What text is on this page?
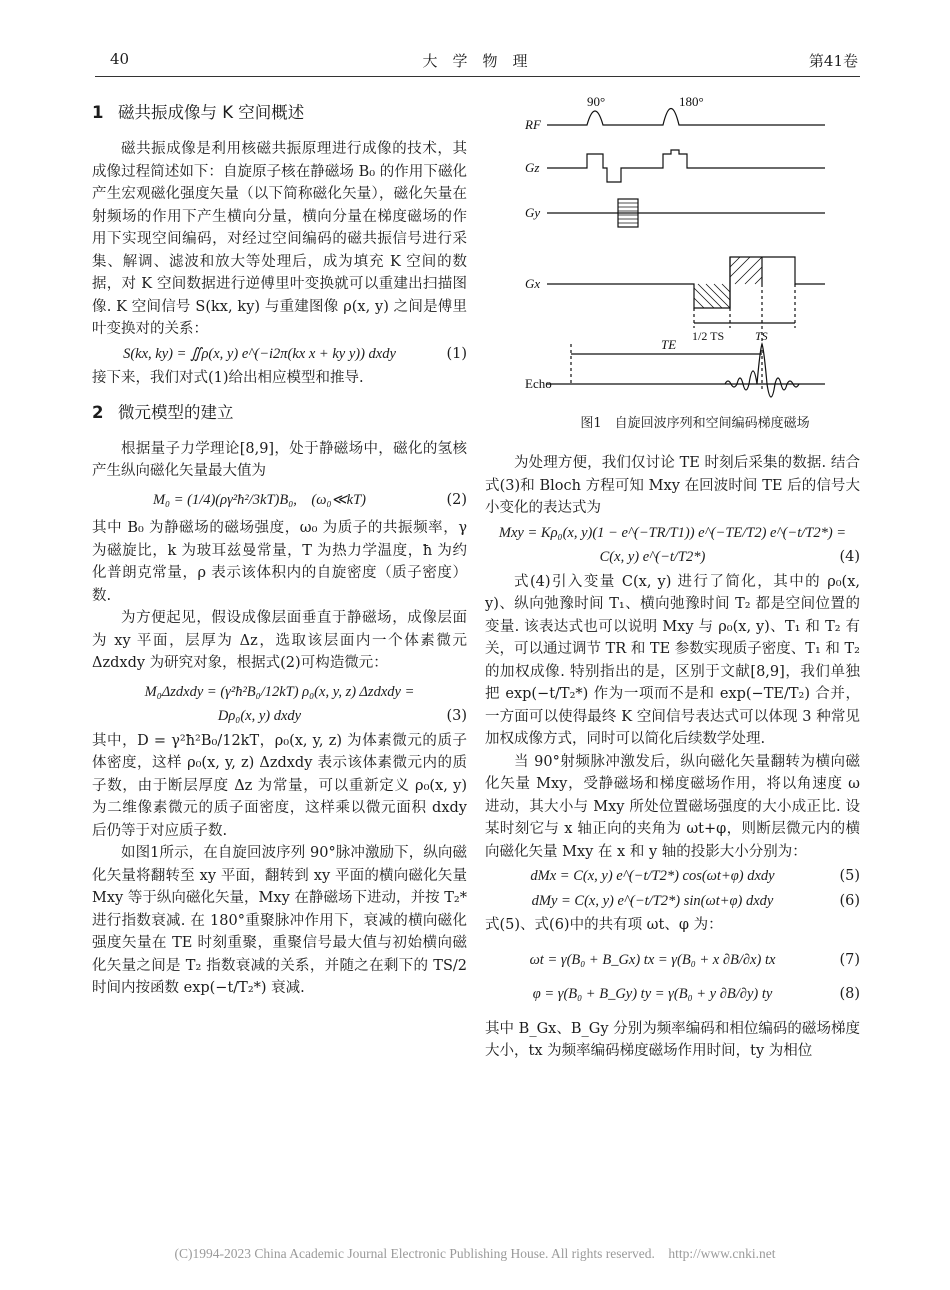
40	大　学　物　理	第41卷
1 磁共振成像与 K 空间概述

磁共振成像是利用核磁共振原理进行成像的技术，其成像过程简述如下：自旋原子核在静磁场 B₀ 的作用下磁化产生宏观磁化强度矢量（以下简称磁化矢量），磁化矢量在射频场的作用下产生横向分量，横向分量在梯度磁场的作用下实现空间编码，对经过空间编码的磁共振信号进行采集、解调、滤波和放大等处理后，成为填充 K 空间的数据，对 K 空间数据进行逆傅里叶变换就可以重建出扫描图像. K 空间信号 S(kx, ky) 与重建图像 ρ(x, y) 之间是傅里叶变换对的关系：

S(kx, ky) = ∬ρ(x, y) e^(−i2π(kx x + ky y)) dxdy	(1)

接下来，我们对式(1)给出相应模型和推导.

2 微元模型的建立

根据量子力学理论[8,9]，处于静磁场中，磁化的氢核产生纵向磁化矢量最大值为

M₀ = (1/4)(ργ²ħ²/3kT)B₀,　(ω₀≪kT)	(2)

其中 B₀ 为静磁场的磁场强度，ω₀ 为质子的共振频率，γ 为磁旋比，k 为玻耳兹曼常量，T 为热力学温度，ħ 为约化普朗克常量，ρ 表示该体积内的自旋密度（质子密度）数.

为方便起见，假设成像层面垂直于静磁场，成像层面为 xy 平面，层厚为 Δz，选取该层面内一个体素微元 Δzdxdy 为研究对象，根据式(2)可构造微元：

M₀Δzdxdy = (γ²ħ²B₀/12kT) ρ₀(x, y, z) Δzdxdy =
Dρ₀(x, y) dxdy	(3)

其中，D = γ²ħ²B₀/12kT，ρ₀(x, y, z) 为体素微元的质子体密度，这样 ρ₀(x, y, z) Δzdxdy 表示该体素微元内的质子数，由于断层厚度 Δz 为常量，可以重新定义 ρ₀(x, y) 为二维像素微元的质子面密度，这样乘以微元面积 dxdy 后仍等于对应质子数.

如图1所示，在自旋回波序列 90°脉冲激励下，纵向磁化矢量将翻转至 xy 平面，翻转到 xy 平面的横向磁化矢量 Mxy 等于纵向磁化矢量，Mxy 在静磁场下进动，并按 T₂* 进行指数衰减. 在 180°重聚脉冲作用下，衰减的横向磁化强度矢量在 TE 时刻重聚，重聚信号最大值与初始横向磁化矢量之间是 T₂ 指数衰减的关系，并随之在剩下的 TS/2 时间内按函数 exp(−t/T₂*) 衰减.

90°	180°
RF
Gz
Gy
Gx
Echo
1/2 TS	TS
TE
图1　自旋回波序列和空间编码梯度磁场

为处理方便，我们仅讨论 TE 时刻后采集的数据. 结合式(3)和 Bloch 方程可知 Mxy 在回波时间 TE 后的信号大小变化的表达式为

Mxy = Kρ₀(x, y)(1 − e^(−TR/T1)) e^(−TE/T2) e^(−t/T2*) =
C(x, y) e^(−t/T2*)	(4)

式(4)引入变量 C(x, y) 进行了简化，其中的 ρ₀(x, y)、纵向弛豫时间 T₁、横向弛豫时间 T₂ 都是空间位置的变量. 该表达式也可以说明 Mxy 与 ρ₀(x, y)、T₁ 和 T₂ 有关，可以通过调节 TR 和 TE 参数实现质子密度、T₁ 和 T₂ 的加权成像. 特别指出的是，区别于文献[8,9]，我们单独把 exp(−t/T₂*) 作为一项而不是和 exp(−TE/T₂) 合并，一方面可以使得最终 K 空间信号表达式可以体现 3 种常见加权成像方式，同时可以简化后续数学处理.

当 90°射频脉冲激发后，纵向磁化矢量翻转为横向磁化矢量 Mxy，受静磁场和梯度磁场作用，将以角速度 ω 进动，其大小与 Mxy 所处位置磁场强度的大小成正比. 设某时刻它与 x 轴正向的夹角为 ωt+φ，则断层微元内的横向磁化矢量 Mxy 在 x 和 y 轴的投影大小分别为：

dMx = C(x, y) e^(−t/T2*) cos(ωt+φ) dxdy	(5)
dMy = C(x, y) e^(−t/T2*) sin(ωt+φ) dxdy	(6)

式(5)、式(6)中的共有项 ωt、φ 为：

ωt = γ(B₀ + B_Gx) tx = γ(B₀ + x ∂B/∂x) tx	(7)
φ = γ(B₀ + B_Gy) ty = γ(B₀ + y ∂B/∂y) ty	(8)

其中 B_Gx、B_Gy 分别为频率编码和相位编码的磁场梯度大小，tx 为频率编码梯度磁场作用时间，ty 为相位

(C)1994-2023 China Academic Journal Electronic Publishing House. All rights reserved.　http://www.cnki.net
